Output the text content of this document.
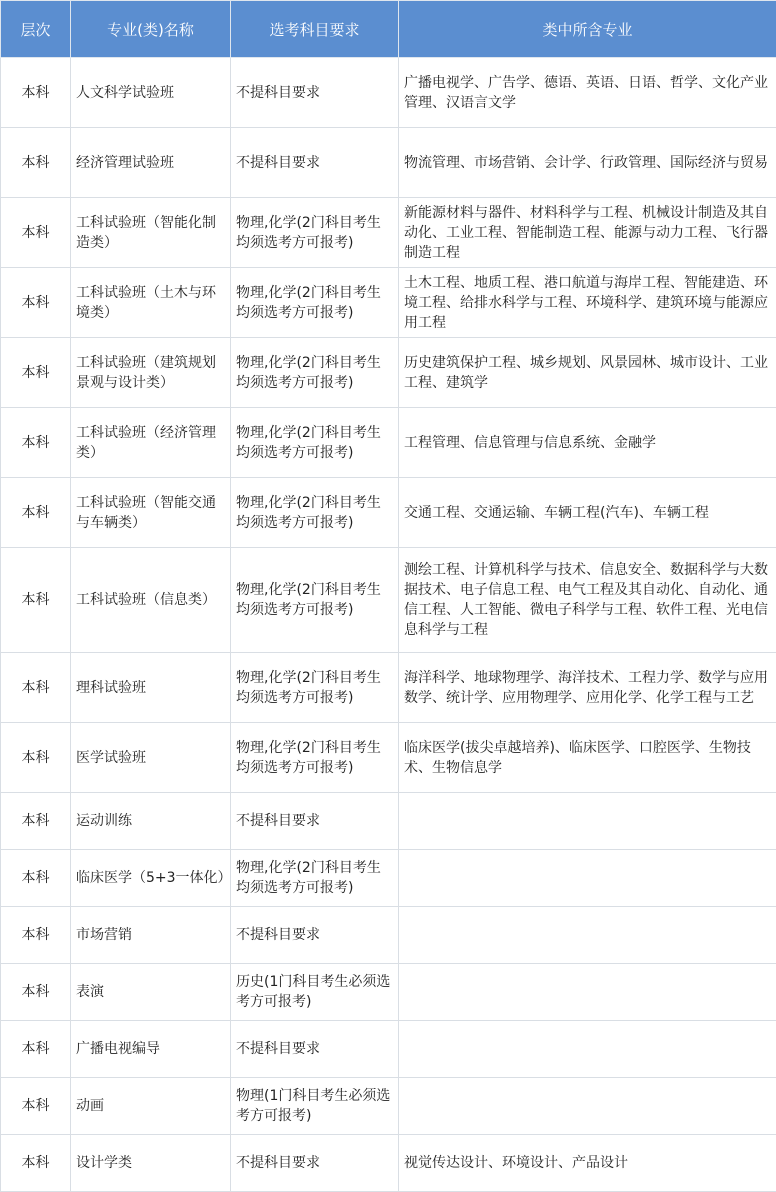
层次	专业(类)名称	选考科目要求	类中所含专业
本科	人文科学试验班	不提科目要求	广播电视学、广告学、德语、英语、日语、哲学、文化产业管理、汉语言文学
本科	经济管理试验班	不提科目要求	物流管理、市场营销、会计学、行政管理、国际经济与贸易
本科	工科试验班（智能化制造类）	物理,化学(2门科目考生均须选考方可报考)	新能源材料与器件、材料科学与工程、机械设计制造及其自动化、工业工程、智能制造工程、能源与动力工程、飞行器制造工程
本科	工科试验班（土木与环境类）	物理,化学(2门科目考生均须选考方可报考)	土木工程、地质工程、港口航道与海岸工程、智能建造、环境工程、给排水科学与工程、环境科学、建筑环境与能源应用工程
本科	工科试验班（建筑规划景观与设计类）	物理,化学(2门科目考生均须选考方可报考)	历史建筑保护工程、城乡规划、风景园林、城市设计、工业工程、建筑学
本科	工科试验班（经济管理类）	物理,化学(2门科目考生均须选考方可报考)	工程管理、信息管理与信息系统、金融学
本科	工科试验班（智能交通与车辆类）	物理,化学(2门科目考生均须选考方可报考)	交通工程、交通运输、车辆工程(汽车)、车辆工程
本科	工科试验班（信息类）	物理,化学(2门科目考生均须选考方可报考)	测绘工程、计算机科学与技术、信息安全、数据科学与大数据技术、电子信息工程、电气工程及其自动化、自动化、通信工程、人工智能、微电子科学与工程、软件工程、光电信息科学与工程
本科	理科试验班	物理,化学(2门科目考生均须选考方可报考)	海洋科学、地球物理学、海洋技术、工程力学、数学与应用数学、统计学、应用物理学、应用化学、化学工程与工艺
本科	医学试验班	物理,化学(2门科目考生均须选考方可报考)	临床医学(拔尖卓越培养)、临床医学、口腔医学、生物技术、生物信息学
本科	运动训练	不提科目要求	
本科	临床医学（5+3一体化）	物理,化学(2门科目考生均须选考方可报考)	
本科	市场营销	不提科目要求	
本科	表演	历史(1门科目考生必须选考方可报考)	
本科	广播电视编导	不提科目要求	
本科	动画	物理(1门科目考生必须选考方可报考)	
本科	设计学类	不提科目要求	视觉传达设计、环境设计、产品设计
